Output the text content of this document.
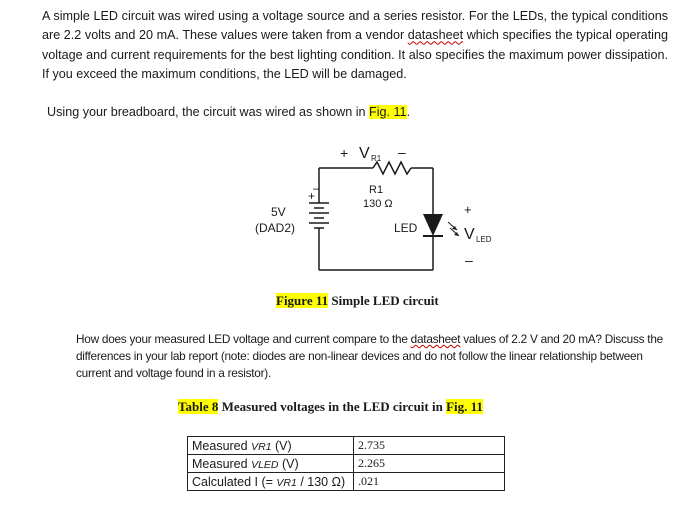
A simple LED circuit was wired using a voltage source and a series resistor. For the LEDs, the typical conditions are 2.2 volts and 20 mA. These values were taken from a vendor datasheet which specifies the typical operating voltage and current requirements for the best lighting condition. It also specifies the maximum power dissipation. If you exceed the maximum conditions, the LED will be damaged.
Using your breadboard, the circuit was wired as shown in Fig. 11.
+ V R1 –
R1
130 Ω
+
–
5V
(DAD2)	LED
+
V LED
–
Figure 11 Simple LED circuit
How does your measured LED voltage and current compare to the datasheet values of 2.2 V and 20 mA? Discuss the differences in your lab report (note: diodes are non-linear devices and do not follow the linear relationship between current and voltage found in a resistor).
Table 8 Measured voltages in the LED circuit in Fig. 11
Measured VR1 (V)	2.735
Measured VLED (V)	2.265
Calculated I (= VR1 / 130 Ω)	.021
